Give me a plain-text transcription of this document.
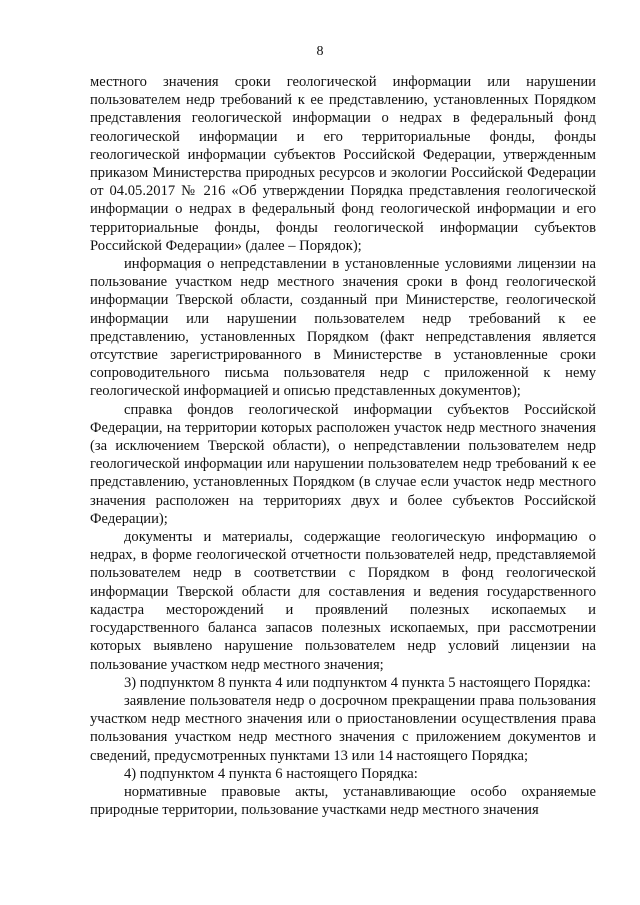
8

местного значения сроки геологической информации или нарушении пользователем недр требований к ее представлению, установленных Порядком представления геологической информации о недрах в федеральный фонд геологической информации и его территориальные фонды, фонды геологической информации субъектов Российской Федерации, утвержденным приказом Министерства природных ресурсов и экологии Российской Федерации от 04.05.2017 № 216 «Об утверждении Порядка представления геологической информации о недрах в федеральный фонд геологической информации и его территориальные фонды, фонды геологической информации субъектов Российской Федерации» (далее – Порядок);

информация о непредставлении в установленные условиями лицензии на пользование участком недр местного значения сроки в фонд геологической информации Тверской области, созданный при Министерстве, геологической информации или нарушении пользователем недр требований к ее представлению, установленных Порядком (факт непредставления является отсутствие зарегистрированного в Министерстве в установленные сроки сопроводительного письма пользователя недр с приложенной к нему геологической информацией и описью представленных документов);

справка фондов геологической информации субъектов Российской Федерации, на территории которых расположен участок недр местного значения (за исключением Тверской области), о непредставлении пользователем недр геологической информации или нарушении пользователем недр требований к ее представлению, установленных Порядком (в случае если участок недр местного значения расположен на территориях двух и более субъектов Российской Федерации);

документы и материалы, содержащие геологическую информацию о недрах, в форме геологической отчетности пользователей недр, представляемой пользователем недр в соответствии с Порядком в фонд геологической информации Тверской области для составления и ведения государственного кадастра месторождений и проявлений полезных ископаемых и государственного баланса запасов полезных ископаемых, при рассмотрении которых выявлено нарушение пользователем недр условий лицензии на пользование участком недр местного значения;

3) подпунктом 8 пункта 4 или подпунктом 4 пункта 5 настоящего Порядка:

заявление пользователя недр о досрочном прекращении права пользования участком недр местного значения или о приостановлении осуществления права пользования участком недр местного значения с приложением документов и сведений, предусмотренных пунктами 13 или 14 настоящего Порядка;

4) подпунктом 4 пункта 6 настоящего Порядка:

нормативные правовые акты, устанавливающие особо охраняемые природные территории, пользование участками недр местного значения
